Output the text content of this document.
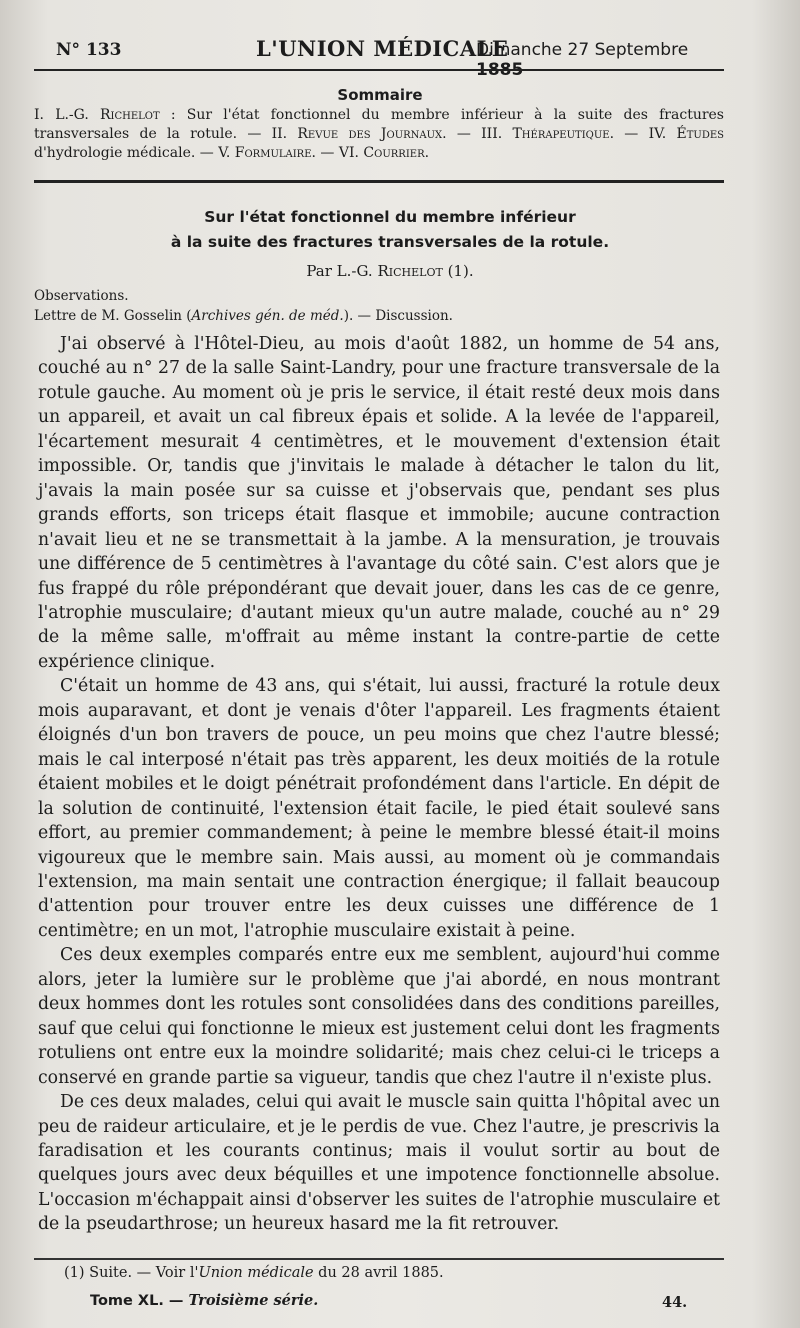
N° 133	L'UNION MÉDICALE
Dimanche 27 Septembre 1885
Sommaire
I. L.-G. Richelot : Sur l'état fonctionnel du membre inférieur à la suite des fractures transversales de la rotule. — II. Revue des Journaux. — III. Thérapeutique. — IV. Études d'hydrologie médicale. — V. Formulaire. — VI. Courrier.
Sur l'état fonctionnel du membre inférieur
à la suite des fractures transversales de la rotule.
Par L.-G. Richelot (1).
Observations.
Lettre de M. Gosselin (Archives gén. de méd.). — Discussion.

J'ai observé à l'Hôtel-Dieu, au mois d'août 1882, un homme de 54 ans, couché au n° 27 de la salle Saint-Landry, pour une fracture transversale de la rotule gauche. Au moment où je pris le service, il était resté deux mois dans un appareil, et avait un cal fibreux épais et solide. A la levée de l'appareil, l'écartement mesurait 4 centimètres, et le mouvement d'extension était impossible. Or, tandis que j'invitais le malade à détacher le talon du lit, j'avais la main posée sur sa cuisse et j'observais que, pendant ses plus grands efforts, son triceps était flasque et immobile; aucune contraction n'avait lieu et ne se transmettait à la jambe. A la mensuration, je trouvais une différence de 5 centimètres à l'avantage du côté sain. C'est alors que je fus frappé du rôle prépondérant que devait jouer, dans les cas de ce genre, l'atrophie musculaire; d'autant mieux qu'un autre malade, couché au n° 29 de la même salle, m'offrait au même instant la contre-partie de cette expérience clinique.

C'était un homme de 43 ans, qui s'était, lui aussi, fracturé la rotule deux mois auparavant, et dont je venais d'ôter l'appareil. Les fragments étaient éloignés d'un bon travers de pouce, un peu moins que chez l'autre blessé; mais le cal interposé n'était pas très apparent, les deux moitiés de la rotule étaient mobiles et le doigt pénétrait profondément dans l'article. En dépit de la solution de continuité, l'extension était facile, le pied était soulevé sans effort, au premier commandement; à peine le membre blessé était-il moins vigoureux que le membre sain. Mais aussi, au moment où je commandais l'extension, ma main sentait une contraction énergique; il fallait beaucoup d'attention pour trouver entre les deux cuisses une différence de 1 centimètre; en un mot, l'atrophie musculaire existait à peine.

Ces deux exemples comparés entre eux me semblent, aujourd'hui comme alors, jeter la lumière sur le problème que j'ai abordé, en nous montrant deux hommes dont les rotules sont consolidées dans des conditions pareilles, sauf que celui qui fonctionne le mieux est justement celui dont les fragments rotuliens ont entre eux la moindre solidarité; mais chez celui-ci le triceps a conservé en grande partie sa vigueur, tandis que chez l'autre il n'existe plus.

De ces deux malades, celui qui avait le muscle sain quitta l'hôpital avec un peu de raideur articulaire, et je le perdis de vue. Chez l'autre, je prescrivis la faradisation et les courants continus; mais il voulut sortir au bout de quelques jours avec deux béquilles et une impotence fonctionnelle absolue. L'occasion m'échappait ainsi d'observer les suites de l'atrophie musculaire et de la pseudarthrose; un heureux hasard me la fit retrouver.

(1) Suite. — Voir l'Union médicale du 28 avril 1885.
Tome XL. — Troisième série.	44.
